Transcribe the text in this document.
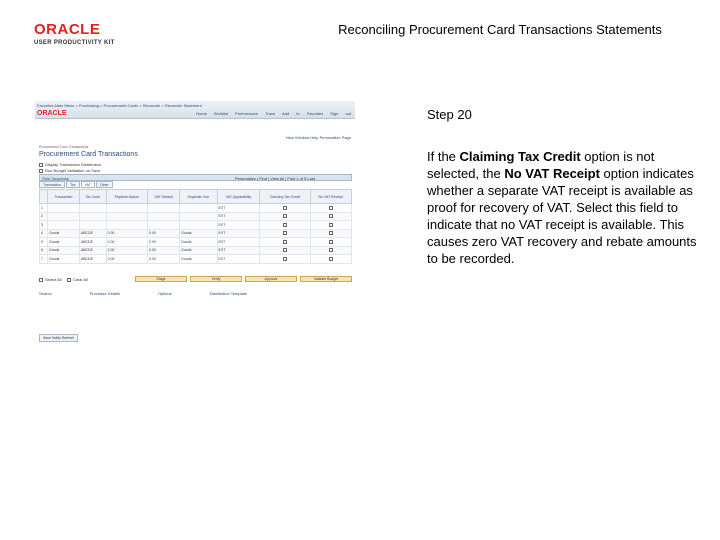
ORACLE
USER PRODUCTIVITY KIT
Reconciling Procurement Card Transactions Statements
Favorites Main Menu > Purchasing > Procurement Cards > Reconcile > Reconcile Statement
ORACLE	Home Worklist Performance Trace Add to Favorites Sign out
New Window Help Personalize Page
Procurement Card Transactions
Procurement Card Transactions
Display Transaction Distribution
Run Budget Validation on Save
Rule Suspense	Personalize | Find | View All | First 1 of 5 Last
Transaction	Tax	VAT	Other
	Transaction	Tax Code	Physical Nature	VAT Default	Separate Line	VAT Applicability	Claiming Tax Credit	No VAT Receipt
1						EXT		
2						EXT		
3						EXT		
4	Goods	ABCDE	0.00	0.00	Goods	EXT		
5	Goods	ABCDE	0.00	0.00	Goods	EXT		
6	Goods	ABCDE	0.00	0.00	Goods	EXT		
7	Goods	ABCDE	0.00	0.00	Goods	EXT		
Select All	Clear All	Stage	Verify	Approve	Validate Budget
Search	Purchase Details	Options	Distribution Template
Save Notify Refresh
Step 20
If the Claiming Tax Credit option is not selected, the No VAT Receipt option indicates whether a separate VAT receipt is available as proof for recovery of VAT. Select this field to indicate that no VAT receipt is available. This causes zero VAT recovery and rebate amounts to be recorded.
